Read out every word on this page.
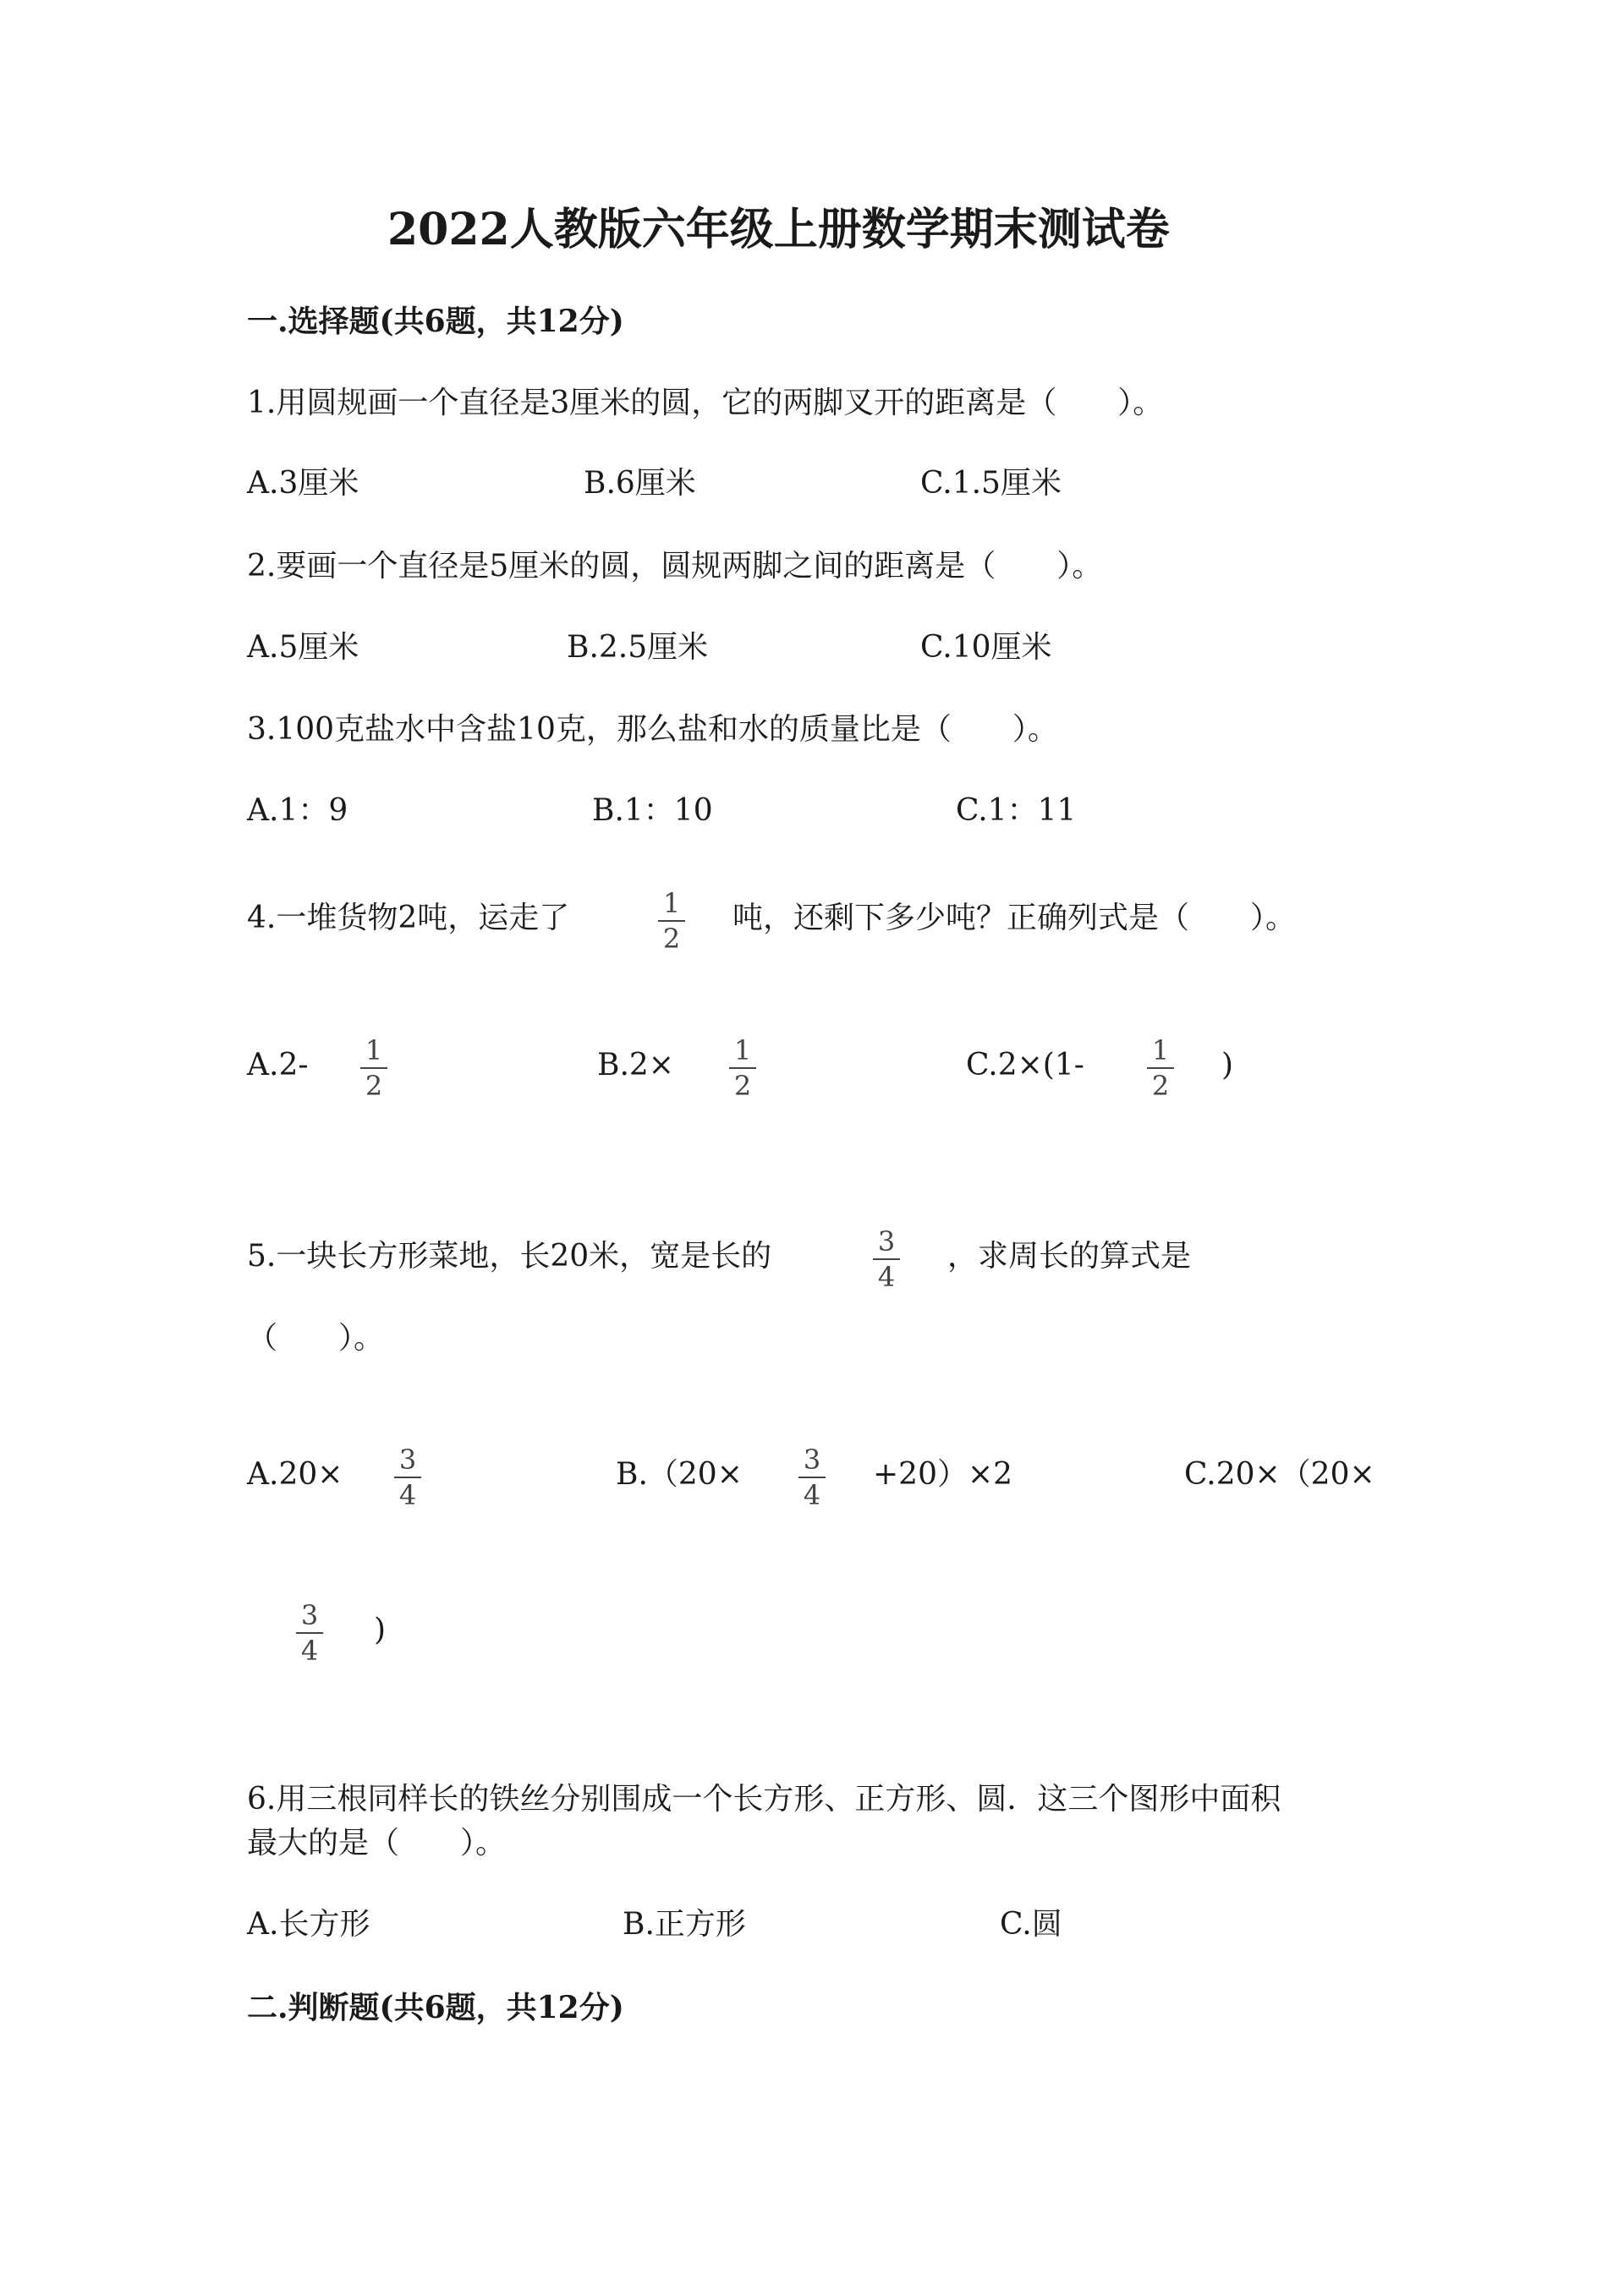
2022人教版六年级上册数学期末测试卷
一.选择题(共6题，共12分)
1.用圆规画一个直径是3厘米的圆，它的两脚叉开的距离是（　　）。
A.3厘米	B.6厘米	C.1.5厘米
2.要画一个直径是5厘米的圆，圆规两脚之间的距离是（　　）。
A.5厘米	B.2.5厘米	C.10厘米
3.100克盐水中含盐10克，那么盐和水的质量比是（　　）。
A.1：9	B.1：10	C.1：11
4.一堆货物2吨，运走了	1
2
吨，还剩下多少吨？正确列式是（　　）。
A.2-	1
2
B.2×	1
2
C.2×(1-	1
2
)
5.一块长方形菜地，长20米，宽是长的	3
4
，求周长的算式是
（　　）。
A.20×	3
4
B.（20×	3
4
+20）×2	C.20×（20×
3
4
)
6.用三根同样长的铁丝分别围成一个长方形、正方形、圆．这三个图形中面积
最大的是（　　）。
A.长方形	B.正方形	C.圆
二.判断题(共6题，共12分)
